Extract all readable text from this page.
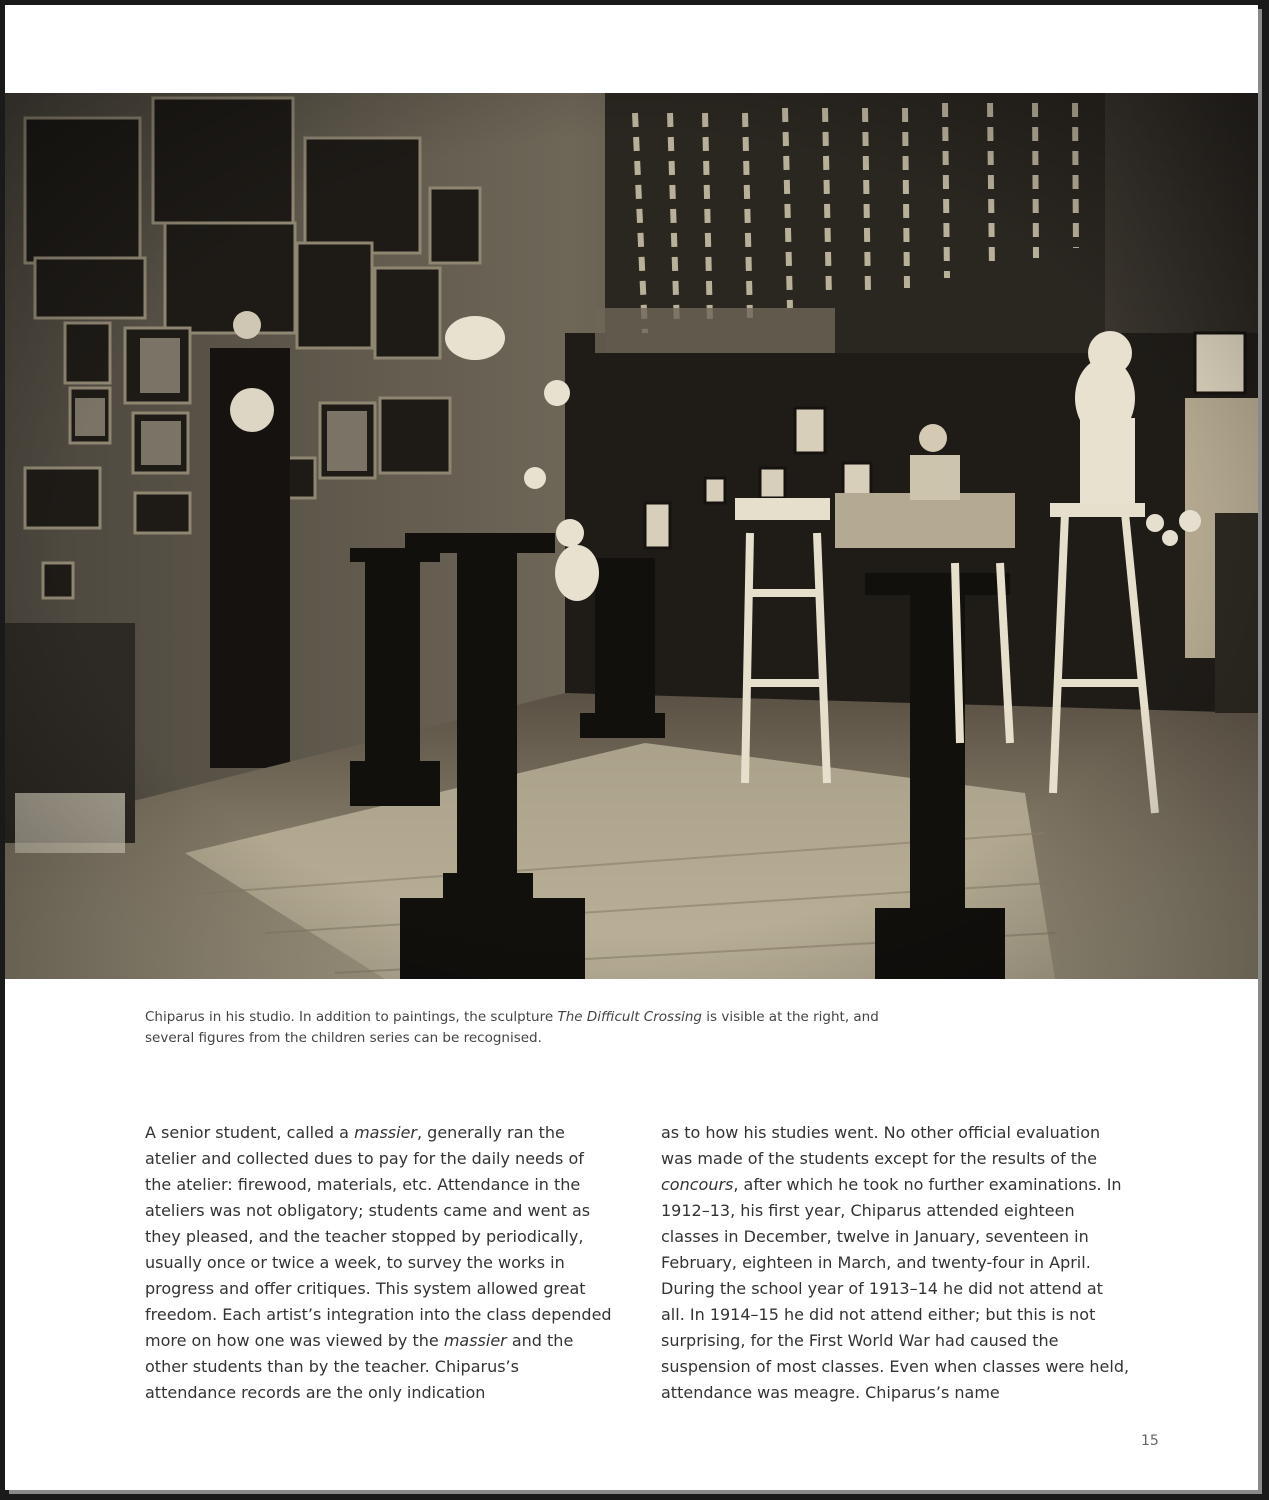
Chiparus in his studio. In addition to paintings, the sculpture The Difficult Crossing is visible at the right, and several figures from the children series can be recognised.

A senior student, called a massier, generally ran the atelier and collected dues to pay for the daily needs of the atelier: firewood, materials, etc. Attendance in the ateliers was not obligatory; students came and went as they pleased, and the teacher stopped by periodically, usually once or twice a week, to survey the works in progress and offer critiques. This system allowed great freedom. Each artist’s integration into the class depended more on how one was viewed by the massier and the other students than by the teacher. Chiparus’s attendance records are the only indication

as to how his studies went. No other official evaluation was made of the students except for the results of the concours, after which he took no further examinations. In 1912–13, his first year, Chiparus attended eighteen classes in December, twelve in January, seventeen in February, eighteen in March, and twenty-four in April. During the school year of 1913–14 he did not attend at all. In 1914–15 he did not attend either; but this is not surprising, for the First World War had caused the suspension of most classes. Even when classes were held, attendance was meagre. Chiparus’s name

15
